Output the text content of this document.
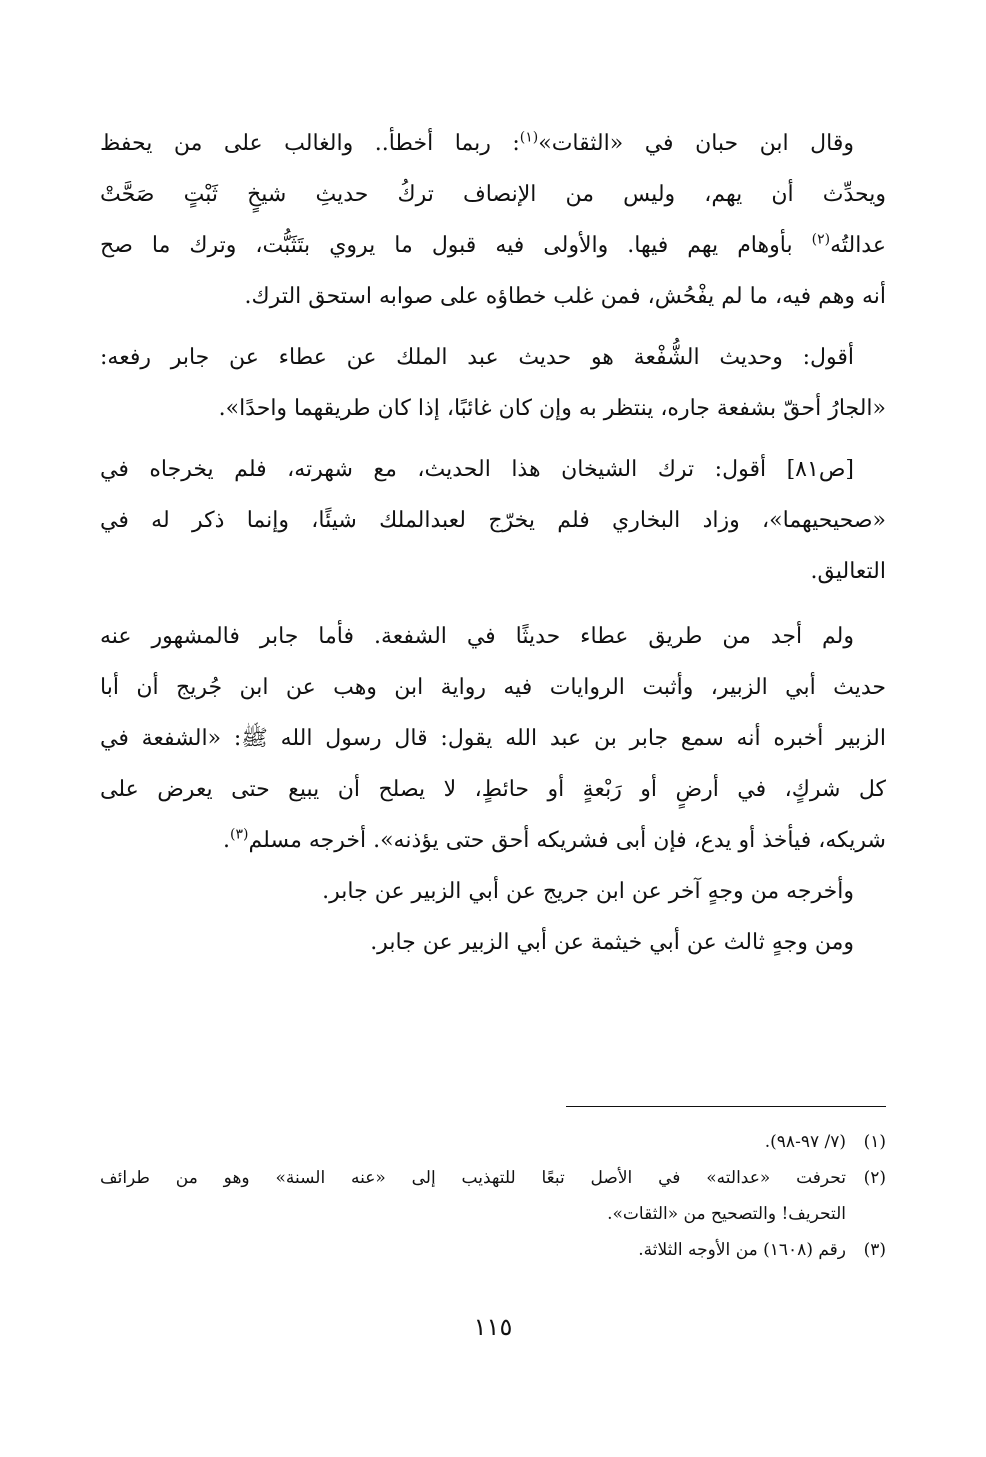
وقال ابن حبان في «الثقات»$^{(١)}$: ربما أخطأ.. والغالب على من يحفظ
ويحدِّث أن يهم، وليس من الإنصاف تركُ حديثِ شيخٍ ثَبْتٍ صَحَّتْ
عدالتُه$^{(٢)}$ بأوهام يهم فيها. والأولى فيه قبول ما يروي بتَثَبُّت، وترك ما صح
أنه وهم فيه، ما لم يفْحُش، فمن غلب خطاؤه على صوابه استحق الترك.
أقول: وحديث الشُّفْعة هو حديث عبد الملك عن عطاء عن جابر رفعه:
«الجارُ أحقّ بشفعة جاره، ينتظر به وإن كان غائبًا، إذا كان طريقهما واحدًا».
[ص٨١] أقول: ترك الشيخان هذا الحديث، مع شهرته، فلم يخرجاه في
«صحيحيهما»، وزاد البخاري فلم يخرّج لعبدالملك شيئًا، وإنما ذكر له في
التعاليق.
ولم أجد من طريق عطاء حديثًا في الشفعة. فأما جابر فالمشهور عنه
حديث أبي الزبير، وأثبت الروايات فيه رواية ابن وهب عن ابن جُريج أن أبا
الزبير أخبره أنه سمع جابر بن عبد الله يقول: قال رسول الله ﷺ: «الشفعة في
كل شركٍ، في أرضٍ أو رَبْعةٍ أو حائطٍ، لا يصلح أن يبيع حتى يعرض على
شريكه، فيأخذ أو يدع، فإن أبى فشريكه أحق حتى يؤذنه». أخرجه مسلم$^{(٣)}$.
وأخرجه من وجهٍ آخر عن ابن جريج عن أبي الزبير عن جابر.
ومن وجهٍ ثالث عن أبي خيثمة عن أبي الزبير عن جابر.
(١)
(٧/ ٩٧-٩٨).
(٢)
تحرفت «عدالته» في الأصل تبعًا للتهذيب إلى «عنه السنة» وهو من طرائف
التحريف! والتصحيح من «الثقات».
(٣)
رقم (١٦٠٨) من الأوجه الثلاثة.
١١٥
